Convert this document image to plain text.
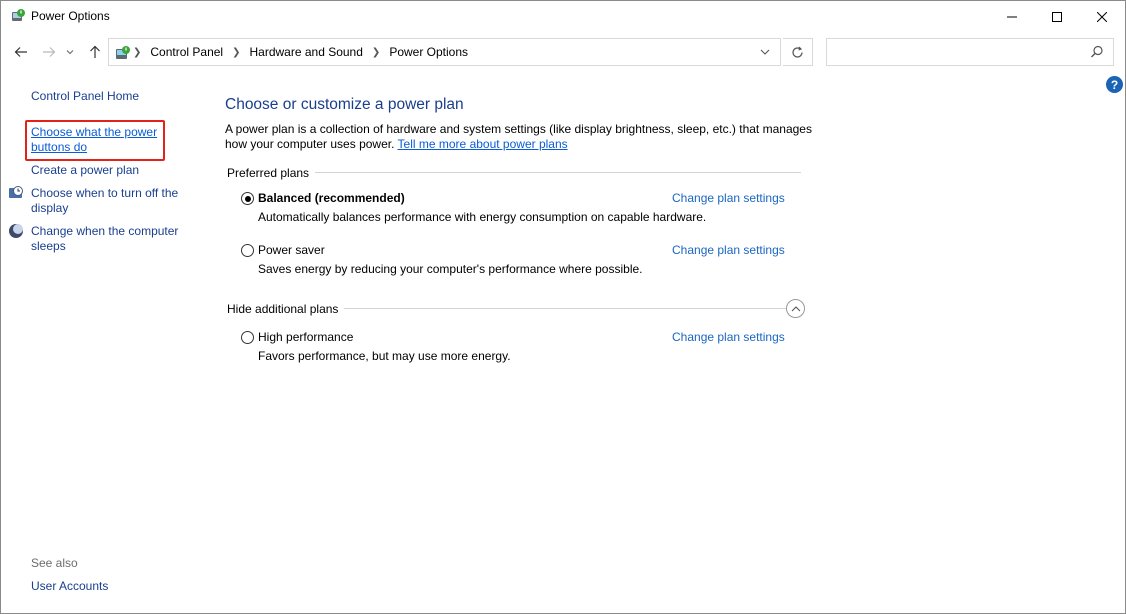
Power Options
❯ Control Panel ❯ Hardware and Sound ❯ Power Options
?
Control Panel Home
Choose what the power buttons do
Create a power plan
Choose when to turn off the display
Change when the computer sleeps
See also
User Accounts
Choose or customize a power plan
A power plan is a collection of hardware and system settings (like display brightness, sleep, etc.) that manages how your computer uses power. Tell me more about power plans
Preferred plans
Balanced (recommended)	Change plan settings
Automatically balances performance with energy consumption on capable hardware.
Power saver	Change plan settings
Saves energy by reducing your computer's performance where possible.
Hide additional plans
High performance	Change plan settings
Favors performance, but may use more energy.
